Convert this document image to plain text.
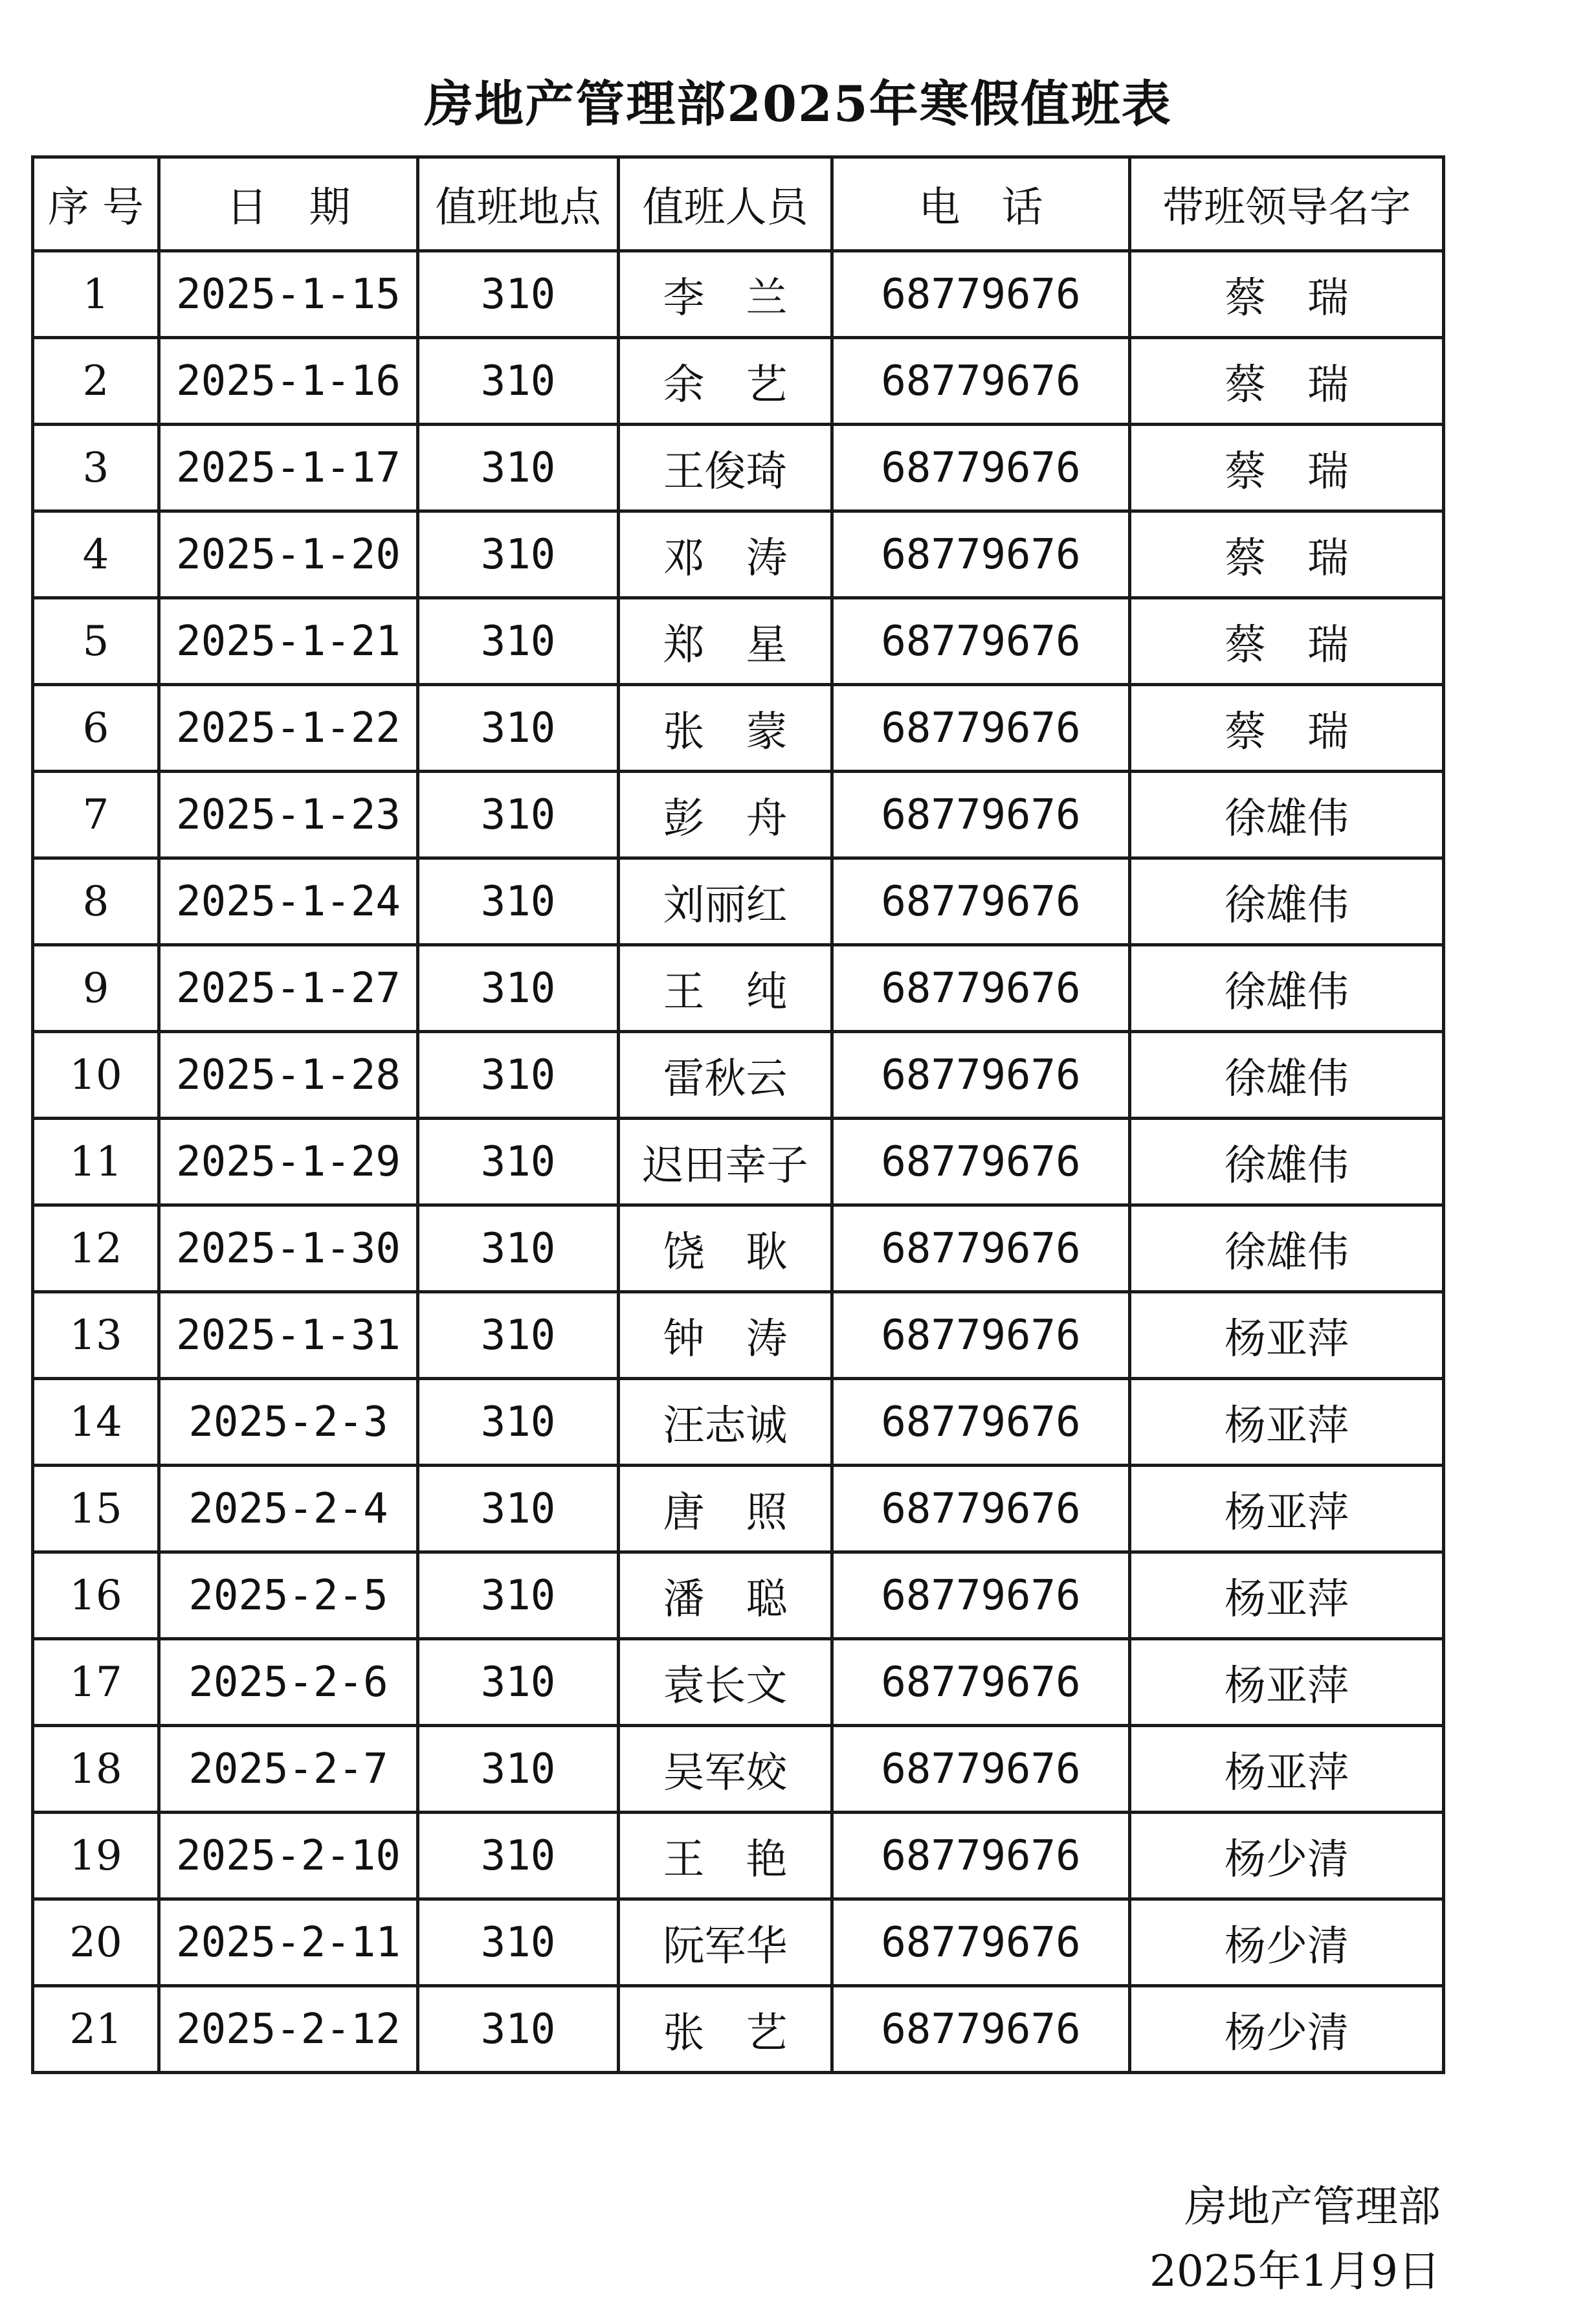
房地产管理部2025年寒假值班表
序 号	日　期	值班地点	值班人员	电　话	带班领导名字
1	2025-1-15	310	李　兰	68779676	蔡　瑞
2	2025-1-16	310	余　艺	68779676	蔡　瑞
3	2025-1-17	310	王俊琦	68779676	蔡　瑞
4	2025-1-20	310	邓　涛	68779676	蔡　瑞
5	2025-1-21	310	郑　星	68779676	蔡　瑞
6	2025-1-22	310	张　蒙	68779676	蔡　瑞
7	2025-1-23	310	彭　舟	68779676	徐雄伟
8	2025-1-24	310	刘丽红	68779676	徐雄伟
9	2025-1-27	310	王　纯	68779676	徐雄伟
10	2025-1-28	310	雷秋云	68779676	徐雄伟
11	2025-1-29	310	迟田幸子	68779676	徐雄伟
12	2025-1-30	310	饶　耿	68779676	徐雄伟
13	2025-1-31	310	钟　涛	68779676	杨亚萍
14	2025-2-3	310	汪志诚	68779676	杨亚萍
15	2025-2-4	310	唐　照	68779676	杨亚萍
16	2025-2-5	310	潘　聪	68779676	杨亚萍
17	2025-2-6	310	袁长文	68779676	杨亚萍
18	2025-2-7	310	吴军姣	68779676	杨亚萍
19	2025-2-10	310	王　艳	68779676	杨少清
20	2025-2-11	310	阮军华	68779676	杨少清
21	2025-2-12	310	张　艺	68779676	杨少清
房地产管理部
2025年1月9日
